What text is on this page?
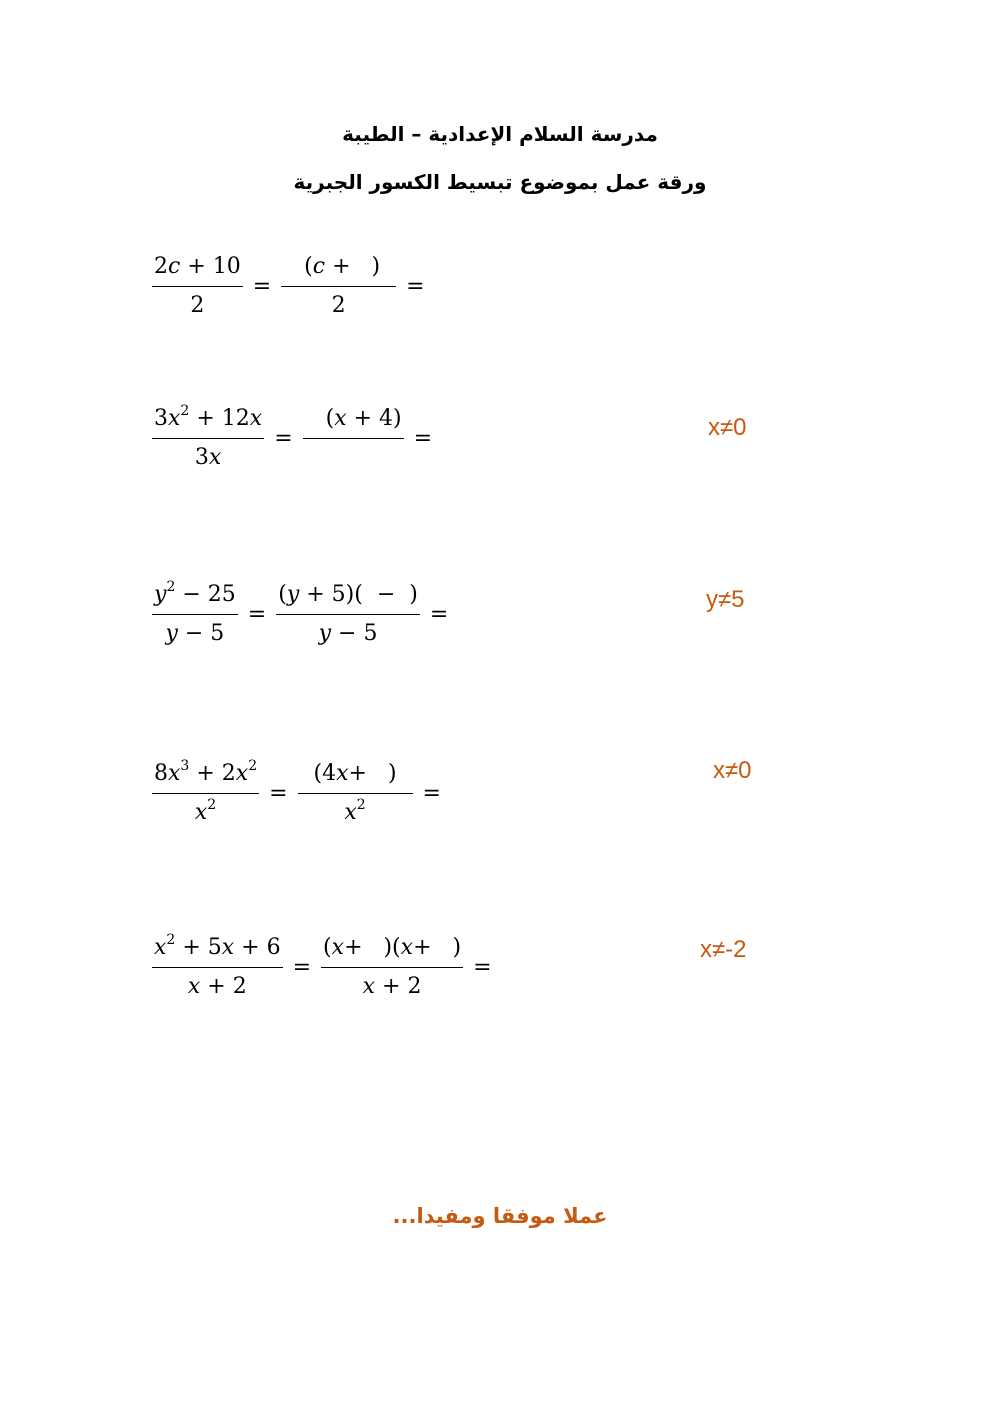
مدرسة السلام الإعدادية – الطيبة
ورقة عمل بموضوع تبسيط الكسور الجبرية
$\frac{2c + 10}{2} = \frac{(c + )}{2}$ =
$\frac{3x^2 + 12x}{3x}$ =
(x + 4)

=	x≠0
$\frac{y^2 - 25}{y - 5} = \frac{(y + 5)( - )}{y - 5}$ =
y≠5
$\frac{8x^3 + 2x^2}{x^2} = \frac{(4x+ )}{x^2}$ =
x≠0
$\frac{x^2 + 5x + 6}{x + 2} = \frac{(x+ )(x+ )}{x + 2}$ =
x≠-2
عملا موفقا ومفيدا...
